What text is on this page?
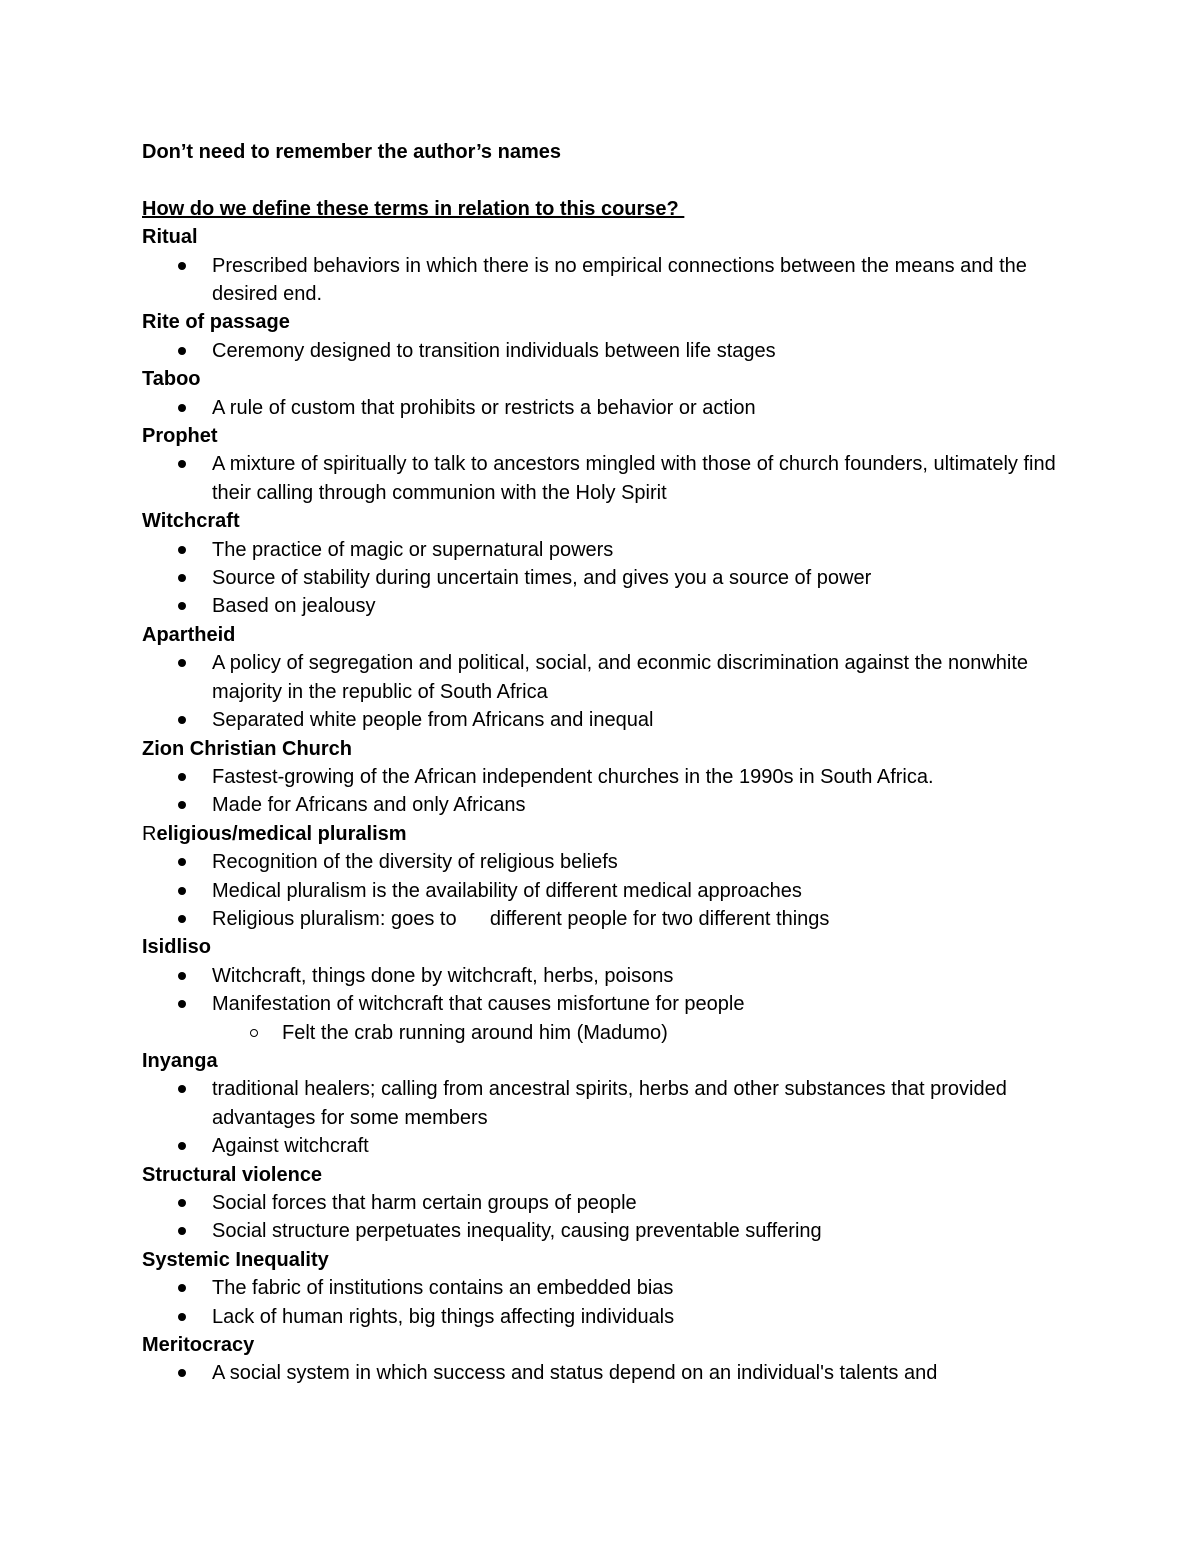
Don’t need to remember the author’s names
How do we define these terms in relation to this course?
Ritual
Prescribed behaviors in which there is no empirical connections between the means and the desired end.
Rite of passage
Ceremony designed to transition individuals between life stages
Taboo
A rule of custom that prohibits or restricts a behavior or action
Prophet
A mixture of spiritually to talk to ancestors mingled with those of church founders, ultimately find their calling through communion with the Holy Spirit
Witchcraft
The practice of magic or supernatural powers
Source of stability during uncertain times, and gives you a source of power
Based on jealousy
Apartheid
A policy of segregation and political, social, and econmic discrimination against the nonwhite majority in the republic of South Africa
Separated white people from Africans and inequal
Zion Christian Church
Fastest-growing of the African independent churches in the 1990s in South Africa.
Made for Africans and only Africans
Religious/medical pluralism
Recognition of the diversity of religious beliefs
Medical pluralism is the availability of different medical approaches
Religious pluralism: goes to      different people for two different things
Isidliso
Witchcraft, things done by witchcraft, herbs, poisons
Manifestation of witchcraft that causes misfortune for people
Felt the crab running around him (Madumo)
Inyanga
traditional healers; calling from ancestral spirits, herbs and other substances that provided advantages for some members
Against witchcraft
Structural violence
Social forces that harm certain groups of people
Social structure perpetuates inequality, causing preventable suffering
Systemic Inequality
The fabric of institutions contains an embedded bias
Lack of human rights, big things affecting individuals
Meritocracy
A social system in which success and status depend on an individual's talents and
